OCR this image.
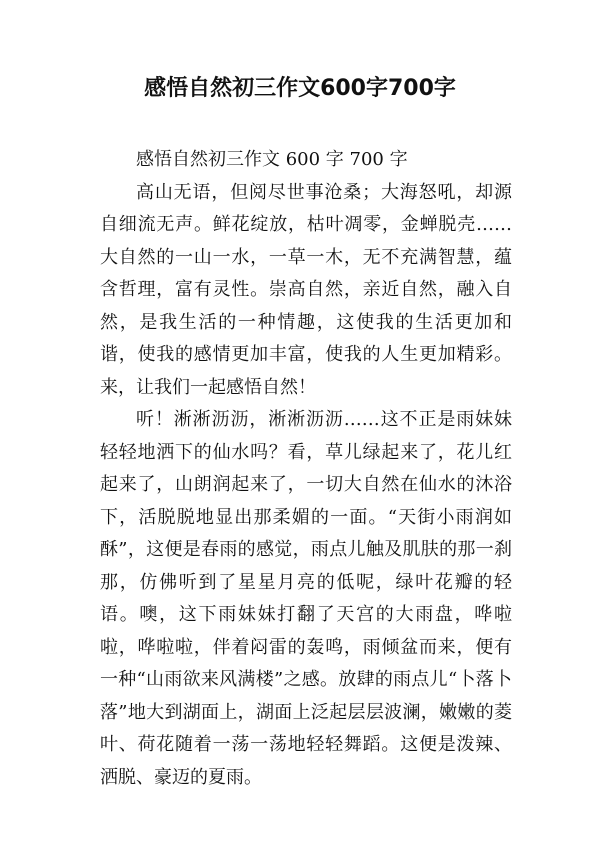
感悟自然初三作文600字700字

感悟自然初三作文 600 字 700 字

高山无语，但阅尽世事沧桑；大海怒吼，却源自细流无声。鲜花绽放，枯叶凋零，金蝉脱壳……大自然的一山一水，一草一木，无不充满智慧，蕴含哲理，富有灵性。崇高自然，亲近自然，融入自然，是我生活的一种情趣，这使我的生活更加和谐，使我的感情更加丰富，使我的人生更加精彩。来，让我们一起感悟自然！

听！淅淅沥沥，淅淅沥沥……这不正是雨妹妹轻轻地洒下的仙水吗？看，草儿绿起来了，花儿红起来了，山朗润起来了，一切大自然在仙水的沐浴下，活脱脱地显出那柔媚的一面。“天街小雨润如酥”，这便是春雨的感觉，雨点儿触及肌肤的那一刹那，仿佛听到了星星月亮的低呢，绿叶花瓣的轻语。噢，这下雨妹妹打翻了天宫的大雨盘，哗啦啦，哗啦啦，伴着闷雷的轰鸣，雨倾盆而来，便有一种“山雨欲来风满楼”之感。放肆的雨点儿“卜落卜落”地大到湖面上，湖面上泛起层层波澜，嫩嫩的菱叶、荷花随着一荡一荡地轻轻舞蹈。这便是泼辣、洒脱、豪迈的夏雨。
